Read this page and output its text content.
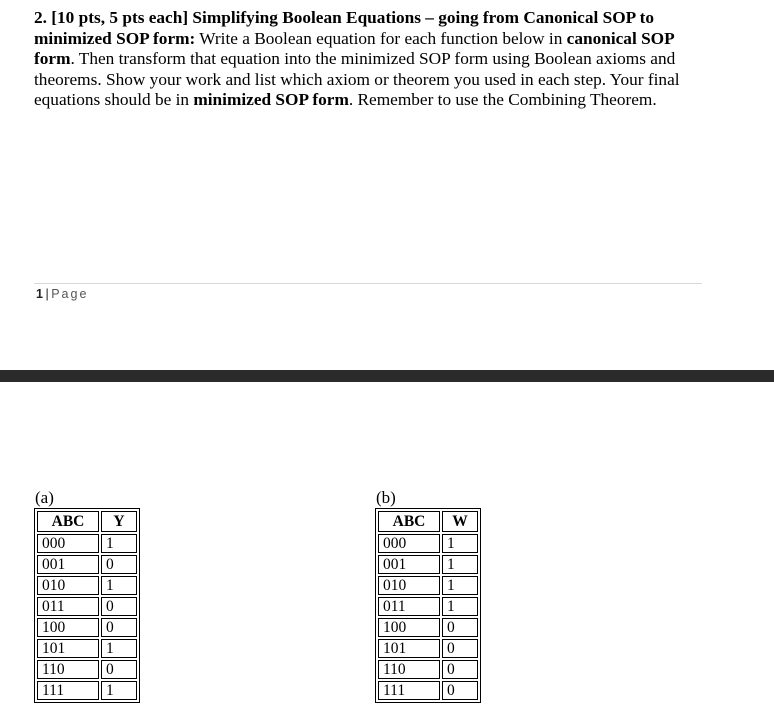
2. [10 pts, 5 pts each] Simplifying Boolean Equations – going from Canonical SOP to minimized SOP form: Write a Boolean equation for each function below in canonical SOP form. Then transform that equation into the minimized SOP form using Boolean axioms and theorems. Show your work and list which axiom or theorem you used in each step. Your final equations should be in minimized SOP form. Remember to use the Combining Theorem.

1 | Page
(a)
ABC	Y
000	1
001	0
010	1
011	0
100	0
101	1
110	0
111	1
(b)
ABC	W
000	1
001	1
010	1
011	1
100	0
101	0
110	0
111	0
